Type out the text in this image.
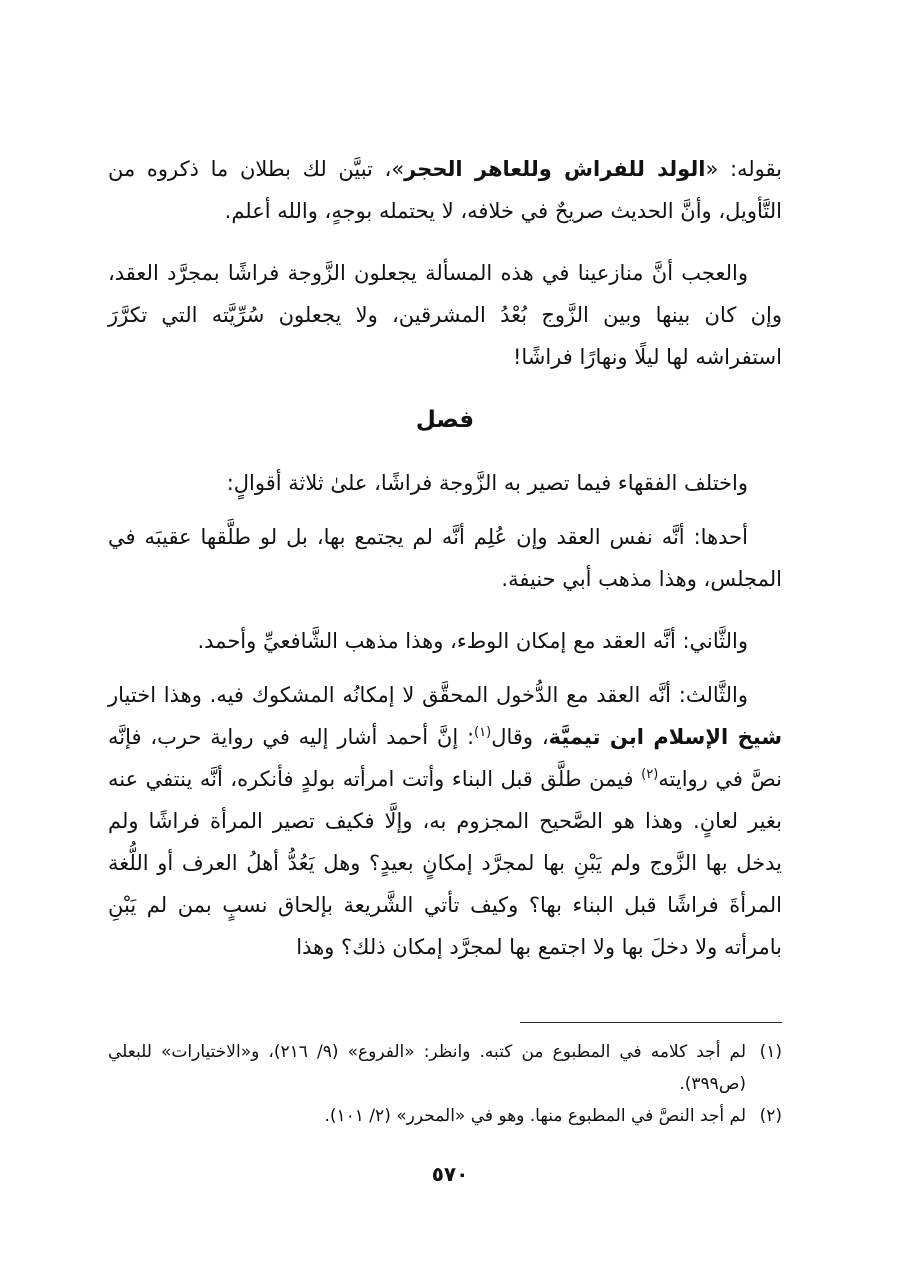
بقوله: «الولد للفراش وللعاهر الحجر»، تبيَّن لك بطلان ما ذكروه من التَّأويل، وأنَّ الحديث صريحٌ في خلافه، لا يحتمله بوجهٍ، والله أعلم.

والعجب أنَّ منازعينا في هذه المسألة يجعلون الزَّوجة فراشًا بمجرَّد العقد، وإن كان بينها وبين الزَّوج بُعْدُ المشرقين، ولا يجعلون سُرِّيَّته التي تكرَّرَ استفراشه لها ليلًا ونهارًا فراشًا!

فصل

واختلف الفقهاء فيما تصير به الزَّوجة فراشًا، علىٰ ثلاثة أقوالٍ:

أحدها: أنَّه نفس العقد وإن عُلِم أنَّه لم يجتمع بها، بل لو طلَّقها عقيبَه في المجلس، وهذا مذهب أبي حنيفة.

والثَّاني: أنَّه العقد مع إمكان الوطء، وهذا مذهب الشَّافعيِّ وأحمد.

والثَّالث: أنَّه العقد مع الدُّخول المحقَّق لا إمكانُه المشكوك فيه. وهذا اختيار شيخ الإسلام ابن تيميَّة، وقال$^{(١)}$: إنَّ أحمد أشار إليه في رواية حرب، فإنَّه نصَّ في روايته$^{(٢)}$ فيمن طلَّق قبل البناء وأتت امرأته بولدٍ فأنكره، أنَّه ينتفي عنه بغير لعانٍ. وهذا هو الصَّحيح المجزوم به، وإلَّا فكيف تصير المرأة فراشًا ولم يدخل بها الزَّوج ولم يَبْنِ بها لمجرَّد إمكانٍ بعيدٍ؟ وهل يَعُدُّ أهلُ العرف أو اللُّغة المرأةَ فراشًا قبل البناء بها؟ وكيف تأتي الشَّريعة بإلحاق نسبٍ بمن لم يَبْنِ بامرأته ولا دخلَ بها ولا اجتمع بها لمجرَّد إمكان ذلك؟ وهذا

(١)
لم أجد كلامه في المطبوع من كتبه. وانظر: «الفروع» (٩/ ٢١٦)، و«الاختيارات» للبعلي (ص٣٩٩).
(٢)
لم أجد النصَّ في المطبوع منها. وهو في «المحرر» (٢/ ١٠١).
٥٧٠
